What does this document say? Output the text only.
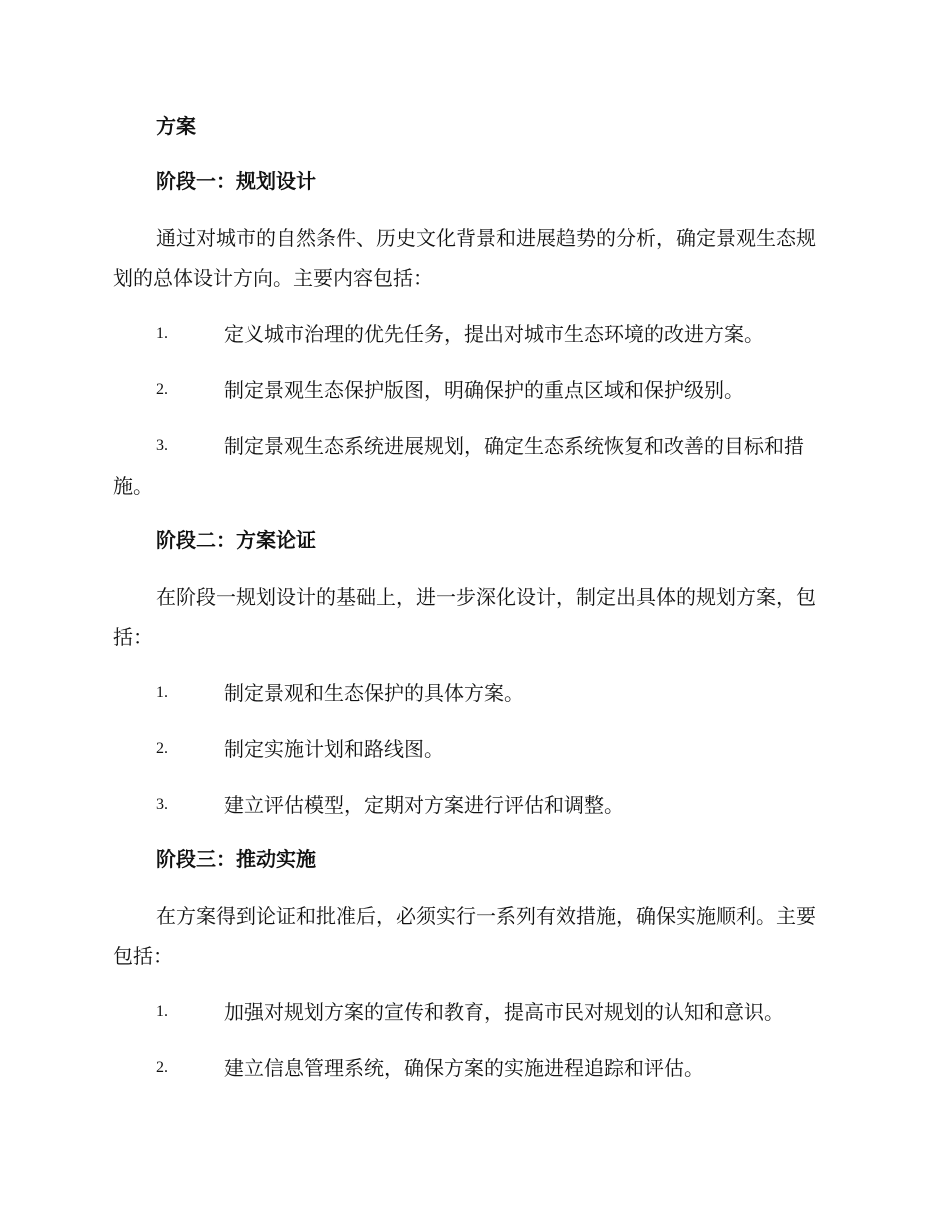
方案
阶段一：规划设计

通过对城市的自然条件、历史文化背景和进展趋势的分析，确定景观生态规划的总体设计方向。主要内容包括：

1.	定义城市治理的优先任务，提出对城市生态环境的改进方案。
2.	制定景观生态保护版图，明确保护的重点区域和保护级别。
3.	制定景观生态系统进展规划，确定生态系统恢复和改善的目标和措施。
阶段二：方案论证

在阶段一规划设计的基础上，进一步深化设计，制定出具体的规划方案，包括：

1.	制定景观和生态保护的具体方案。
2.	制定实施计划和路线图。
3.	建立评估模型，定期对方案进行评估和调整。
阶段三：推动实施

在方案得到论证和批准后，必须实行一系列有效措施，确保实施顺利。主要包括：

1.	加强对规划方案的宣传和教育，提高市民对规划的认知和意识。
2.	建立信息管理系统，确保方案的实施进程追踪和评估。
